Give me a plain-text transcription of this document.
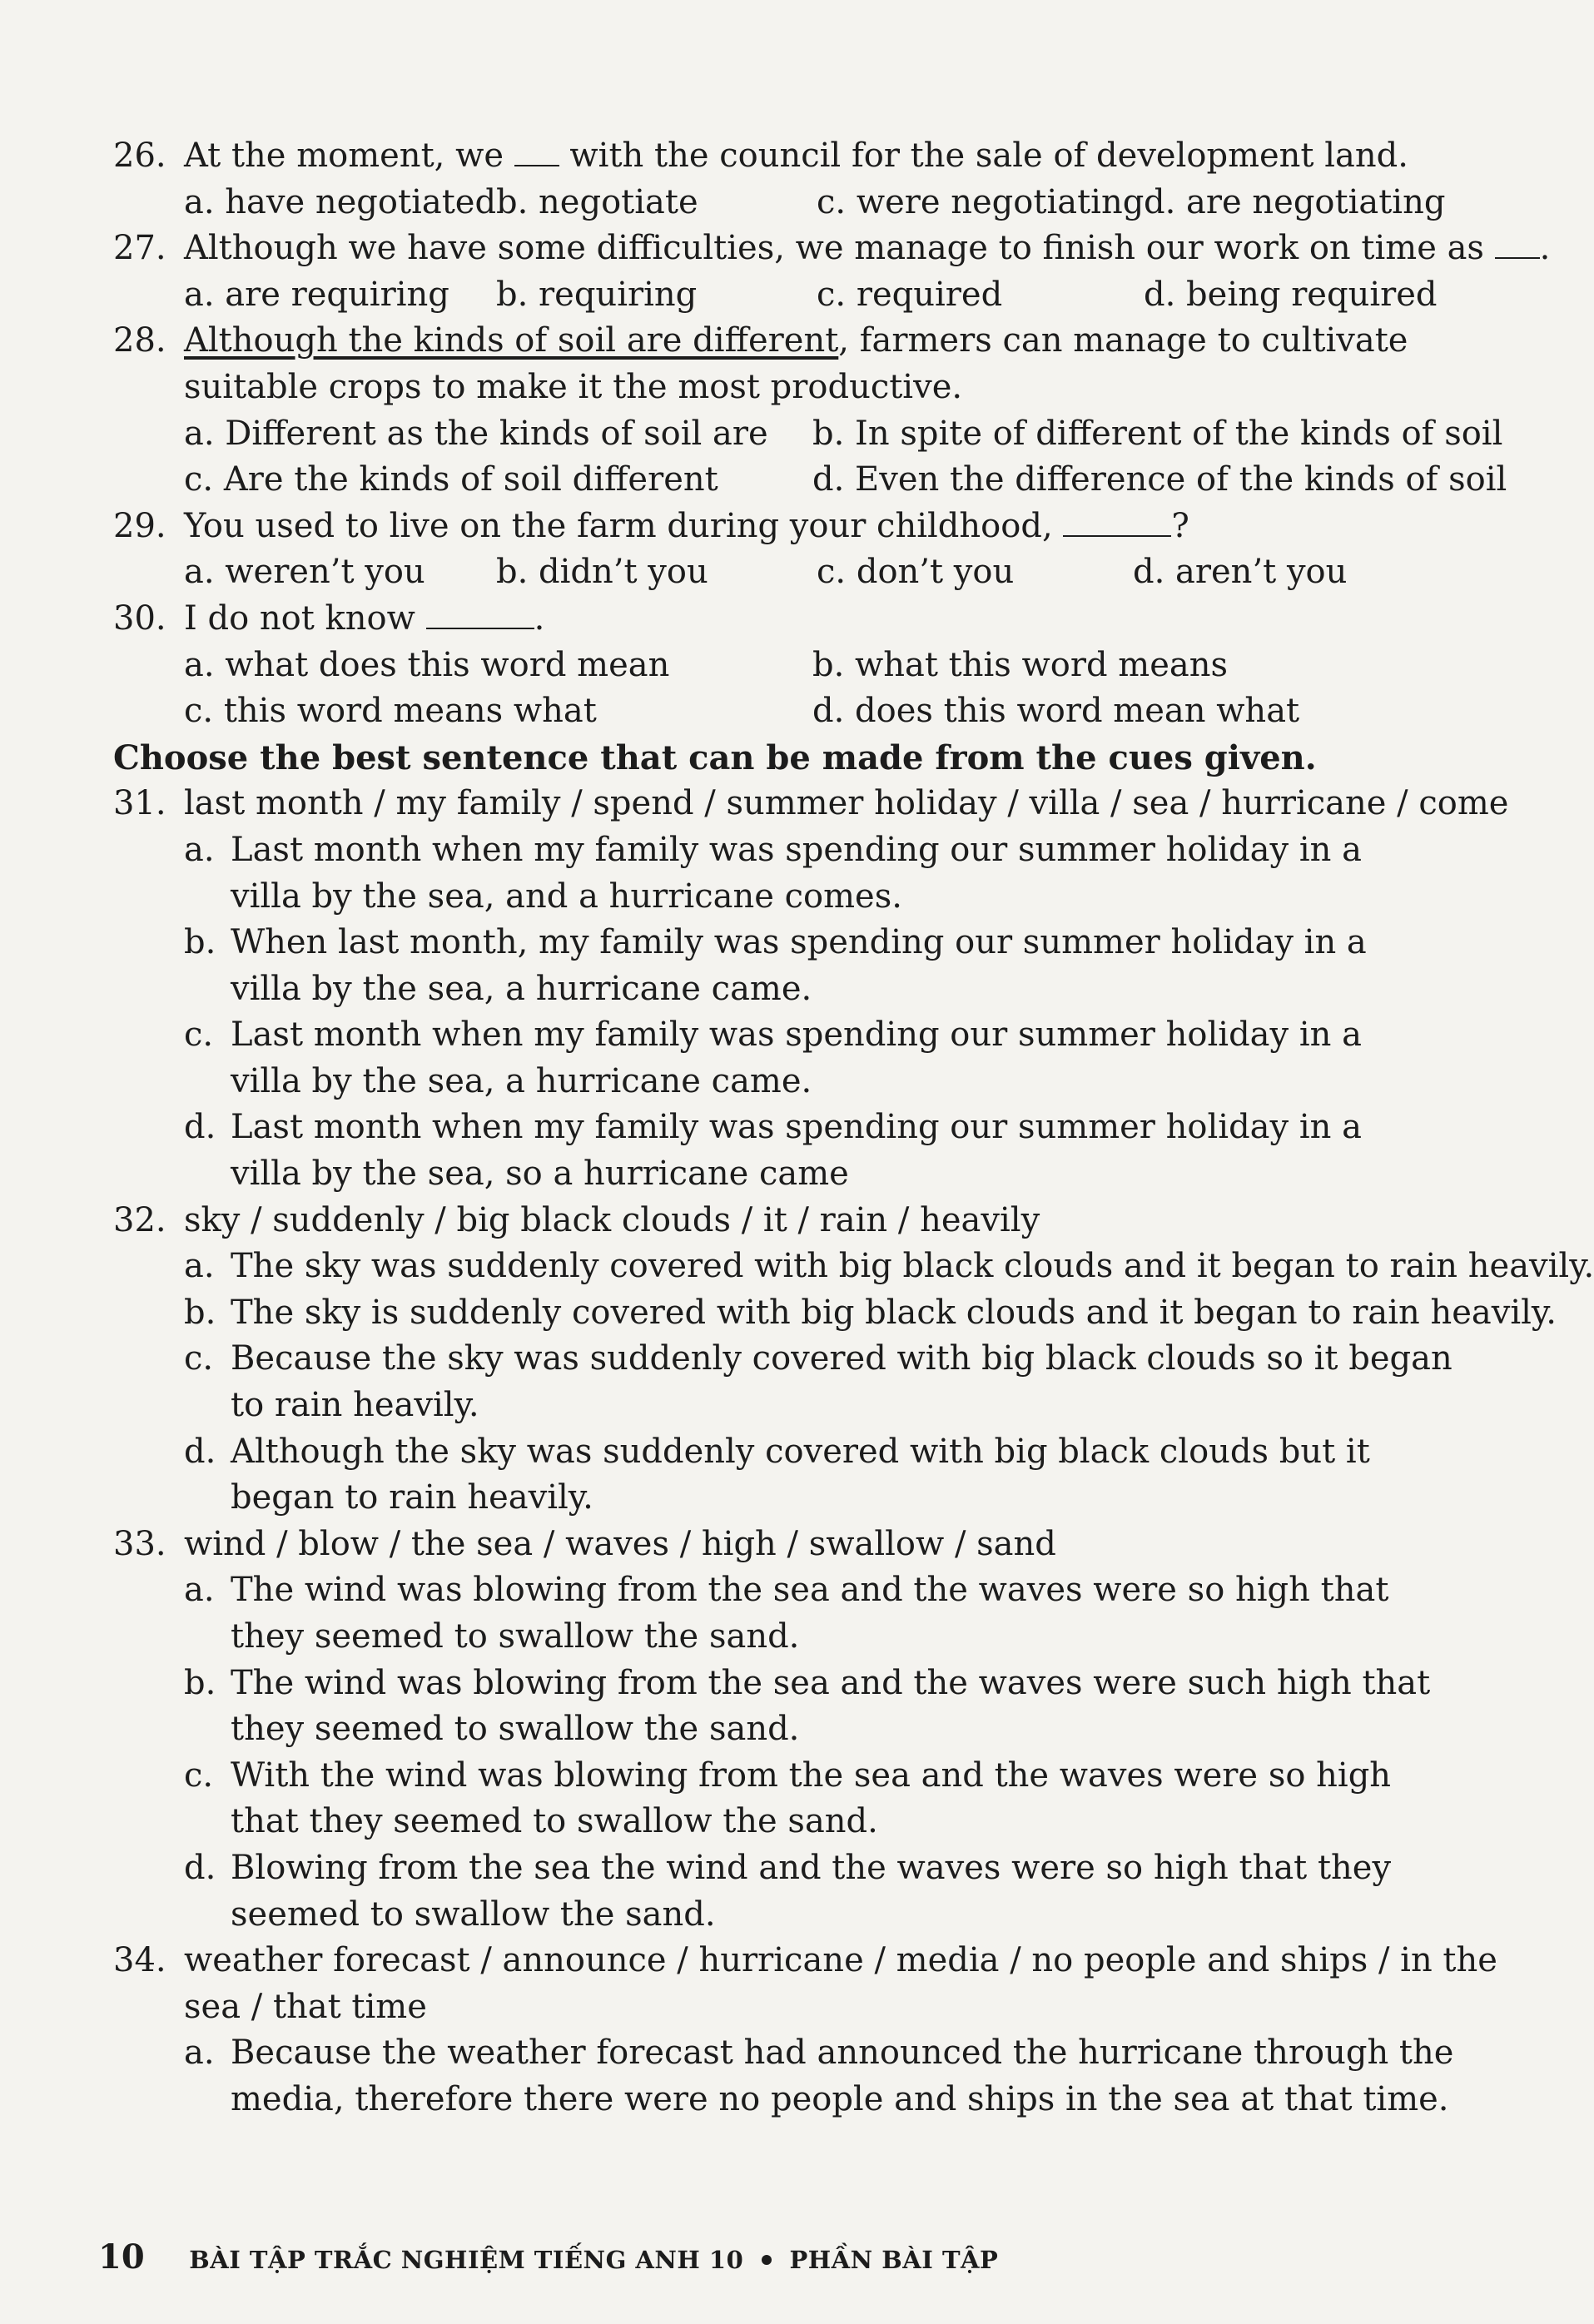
26. At the moment, we with the council for the sale of development land.
a. have negotiated b. negotiate	c. were negotiating d. are negotiating
27. Although we have some difficulties, we manage to finish our work on time as .
a. are requiring b. requiring	c. required	d. being required
28. Although the kinds of soil are different, farmers can manage to cultivate
suitable crops to make it the most productive.
a. Different as the kinds of soil are b. In spite of different of the kinds of soil
c. Are the kinds of soil different	d. Even the difference of the kinds of soil
29. You used to live on the farm during your childhood,	?
a. weren’t you b. didn’t you	c. don’t you	d. aren’t you
30. I do not know	.
a. what does this word mean	b. what this word means
c. this word means what	d. does this word mean what
Choose the best sentence that can be made from the cues given.
31. last month / my family / spend / summer holiday / villa / sea / hurricane / come
a. Last month when my family was spending our summer holiday in a
villa by the sea, and a hurricane comes.
b. When last month, my family was spending our summer holiday in a
villa by the sea, a hurricane came.
c. Last month when my family was spending our summer holiday in a
villa by the sea, a hurricane came.
d. Last month when my family was spending our summer holiday in a
villa by the sea, so a hurricane came
32. sky / suddenly / big black clouds / it / rain / heavily
a. The sky was suddenly covered with big black clouds and it began to rain heavily.
b. The sky is suddenly covered with big black clouds and it began to rain heavily.
c. Because the sky was suddenly covered with big black clouds so it began
to rain heavily.
d. Although the sky was suddenly covered with big black clouds but it
began to rain heavily.
33. wind / blow / the sea / waves / high / swallow / sand
a. The wind was blowing from the sea and the waves were so high that
they seemed to swallow the sand.
b. The wind was blowing from the sea and the waves were such high that
they seemed to swallow the sand.
c. With the wind was blowing from the sea and the waves were so high
that they seemed to swallow the sand.
d. Blowing from the sea the wind and the waves were so high that they
seemed to swallow the sand.
34. weather forecast / announce / hurricane / media / no people and ships / in the
sea / that time
a. Because the weather forecast had announced the hurricane through the
media, therefore there were no people and ships in the sea at that time.
10 BÀI TẬP TRẮC NGHIỆM TIẾNG ANH 10 PHẦN BÀI TẬP
